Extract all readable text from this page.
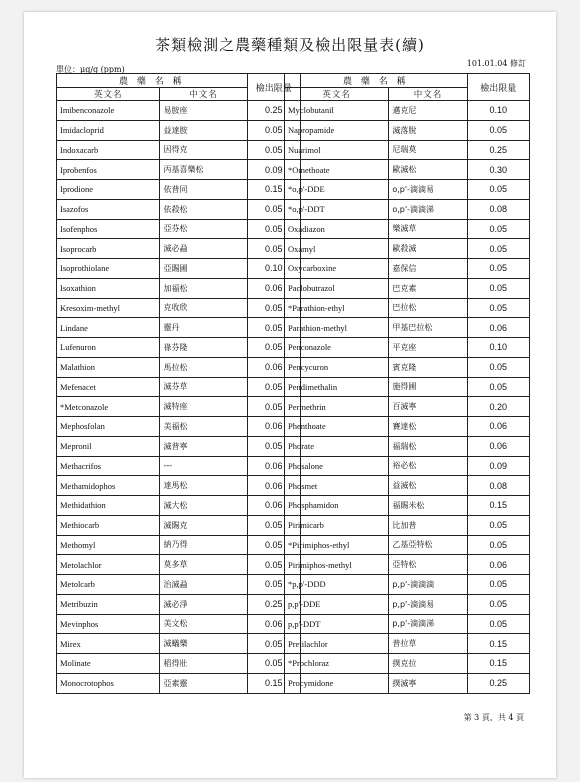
茶類檢測之農藥種類及檢出限量表(續)
單位：μg/g (ppm)
101.01.04 修訂
農 藥 名 稱		檢出限量
英文名	中文名	
Imibenconazole	易胺座	0.25
Imidacloprid	益達胺	0.05
Indoxacarb	因得克	0.05
Iprobenfos	丙基喜樂松	0.09
Iprodione	依普同	0.15
Isazofos	依殺松	0.05
Isofenphos	亞芬松	0.05
Isoprocarb	滅必蝨	0.05
Isoprothiolane	亞賜圃	0.10
Isoxathion	加福松	0.06
Kresoxim-methyl	克收欣	0.05
Lindane	靈丹	0.05
Lufenuron	祿芬隆	0.05
Malathion	馬拉松	0.06
Mefenacet	滅芬草	0.05
*Metconazole	滅特座	0.05
Mephosfolan	美福松	0.06
Mepronil	滅普寧	0.05
Methacrifos	---	0.06
Methamidophos	達馬松	0.06
Methidathion	滅大松	0.06
Methiocarb	滅賜克	0.05
Methomyl	納乃得	0.05
Metolachlor	莫多草	0.05
Metolcarb	治滅蝨	0.05
Metribuzin	滅必淨	0.25
Mevinphos	美文松	0.06
Mirex	滅蟻樂	0.05
Molinate	稻得壯	0.05
Monocrotophos	亞素靈	0.15
農 藥 名 稱		檢出限量
英文名	中文名	
Myclobutanil	邁克尼	0.10
Napropamide	滅落脫	0.05
Nuarimol	尼瑞莫	0.25
*Omethoate	歐滅松	0.30
*o,p'-DDE	o,p'-滴滴易	0.05
*o,p'-DDT	o,p'-滴滴涕	0.08
Oxadiazon	樂滅草	0.05
Oxamyl	歐殺滅	0.05
Oxycarboxine	嘉保信	0.05
Paclobutrazol	巴克素	0.05
*Parathion-ethyl	巴拉松	0.05
Parathion-methyl	甲基巴拉松	0.06
Penconazole	平克座	0.10
Pencycuron	賓克隆	0.05
Pendimethalin	施得圃	0.05
Permethrin	百滅寧	0.20
Phenthoate	賽達松	0.06
Phorate	福瑞松	0.06
Phosalone	裕必松	0.09
Phosmet	益滅松	0.08
Phosphamidon	福賜米松	0.15
Pirimicarb	比加普	0.05
*Pirimiphos-ethyl	乙基亞特松	0.05
Pirimiphos-methyl	亞特松	0.06
*p,p'-DDD	p,p'-滴滴滴	0.05
p,p'-DDE	p,p'-滴滴易	0.05
p,p'-DDT	p,p'-滴滴涕	0.05
Pretilachlor	普拉草	0.15
*Prochloraz	撲克拉	0.15
Procymidone	撲滅寧	0.25
第 3 頁，共 4 頁
